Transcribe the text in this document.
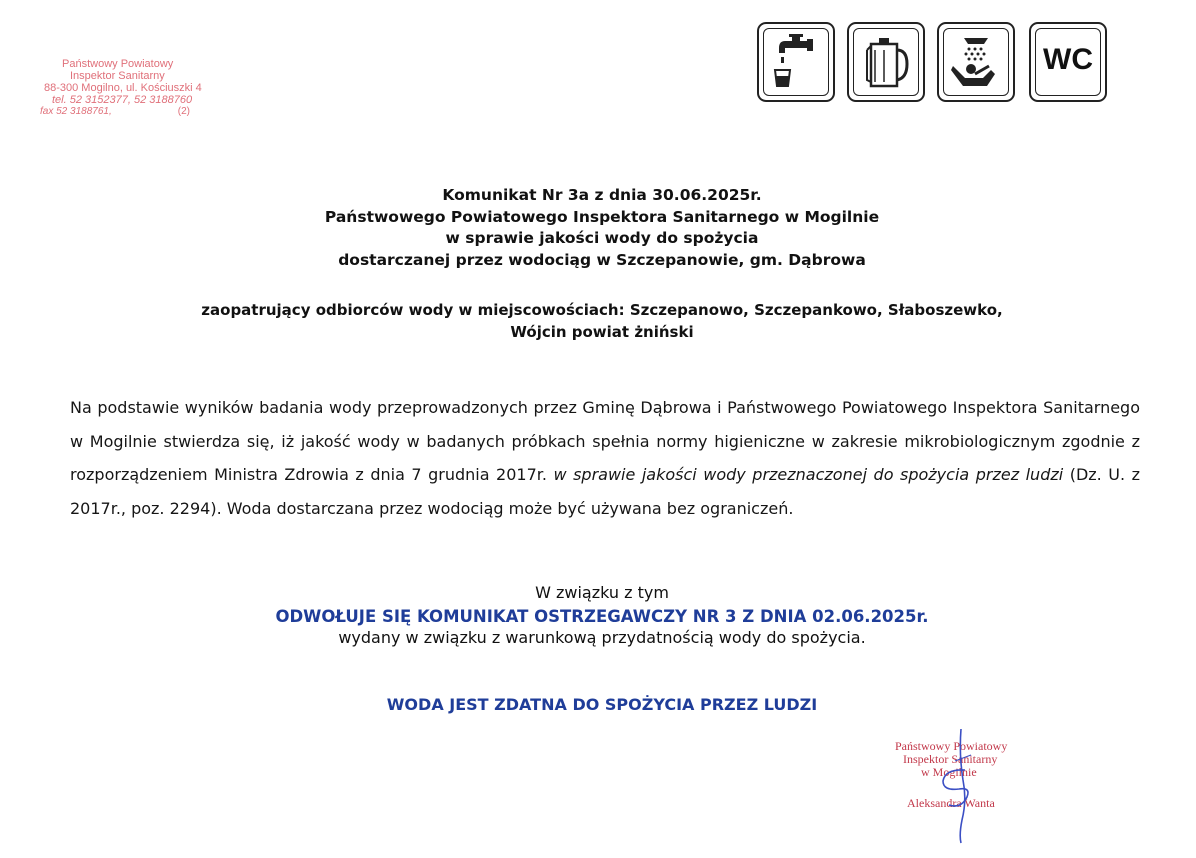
Państwowy Powiatowy
Inspektor Sanitarny
88-300 Mogilno, ul. Kościuszki 4
tel. 52 3152377, 52 3188760
fax 52 3188761,	(2)
WC
Komunikat Nr 3a z dnia 30.06.2025r.
Państwowego Powiatowego Inspektora Sanitarnego w Mogilnie
w sprawie jakości wody do spożycia
dostarczanej przez wodociąg w Szczepanowie, gm. Dąbrowa
zaopatrujący odbiorców wody w miejscowościach: Szczepanowo, Szczepankowo, Słaboszewko,
Wójcin powiat żniński
Na podstawie wyników badania wody przeprowadzonych przez Gminę Dąbrowa i Państwowego Powiatowego Inspektora Sanitarnego w Mogilnie stwierdza się, iż jakość wody w badanych próbkach spełnia normy higieniczne w zakresie mikrobiologicznym zgodnie z rozporządzeniem Ministra Zdrowia z dnia 7 grudnia 2017r. w sprawie jakości wody przeznaczonej do spożycia przez ludzi (Dz. U. z 2017r., poz. 2294). Woda dostarczana przez wodociąg może być używana bez ograniczeń.
W związku z tym
ODWOŁUJE SIĘ KOMUNIKAT OSTRZEGAWCZY NR 3 Z DNIA 02.06.2025r.
wydany w związku z warunkową przydatnością wody do spożycia.
WODA JEST ZDATNA DO SPOŻYCIA PRZEZ LUDZI
Państwowy Powiatowy
Inspektor Sanitarny
w Mogilnie
Aleksandra Wanta
